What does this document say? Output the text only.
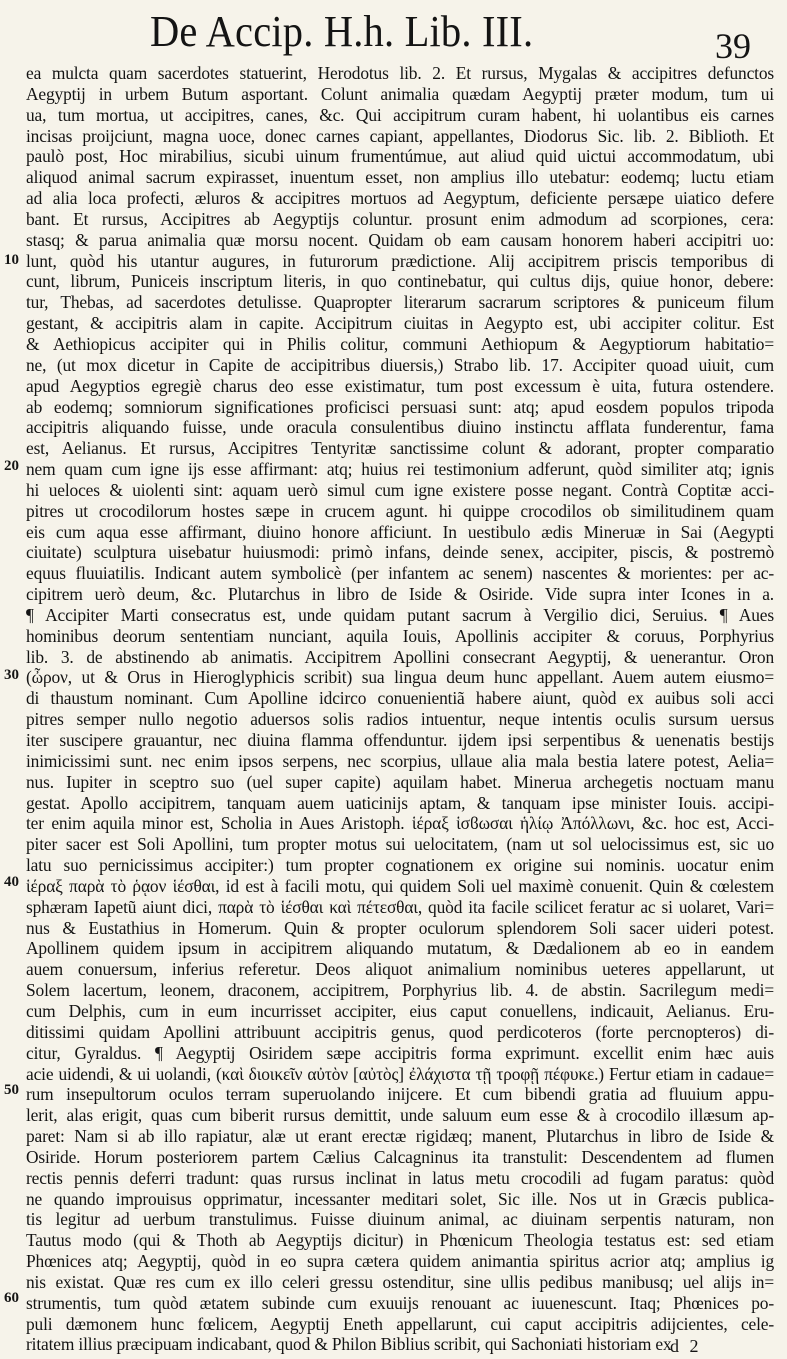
De Accip. H.h. Lib. III.	39
10
20
30
40
50
60
ea mulcta quam sacerdotes statuerint, Herodotus lib. 2. Et rursus, Mygalas & accipitres defunctos
Aegyptij in urbem Butum asportant. Colunt animalia quædam Aegyptij præter modum, tum ui
ua, tum mortua, ut accipitres, canes, &c. Qui accipitrum curam habent, hi uolantibus eis carnes
incisas proijciunt, magna uoce, donec carnes capiant, appellantes, Diodorus Sic. lib. 2. Biblioth. Et
paulò post, Hoc mirabilius, sicubi uinum frumentúmue, aut aliud quid uictui accommodatum, ubi
aliquod animal sacrum expirasset, inuentum esset, non amplius illo utebatur: eodemq; luctu etiam
ad alia loca profecti, æluros & accipitres mortuos ad Aegyptum, deficiente persæpe uiatico defere
bant. Et rursus, Accipitres ab Aegyptijs coluntur. prosunt enim admodum ad scorpiones, cera:
stasq; & parua animalia quæ morsu nocent. Quidam ob eam causam honorem haberi accipitri uo:
lunt, quòd his utantur augures, in futurorum prædictione. Alij accipitrem priscis temporibus di
cunt, librum, Puniceis inscriptum literis, in quo continebatur, qui cultus dijs, quiue honor, debere:
tur, Thebas, ad sacerdotes detulisse. Quapropter literarum sacrarum scriptores & puniceum filum
gestant, & accipitris alam in capite. Accipitrum ciuitas in Aegypto est, ubi accipiter colitur. Est
& Aethiopicus accipiter qui in Philis colitur, communi Aethiopum & Aegyptiorum habitatio=
ne, (ut mox dicetur in Capite de accipitribus diuersis,) Strabo lib. 17. Accipiter quoad uiuit, cum
apud Aegyptios egregiè charus deo esse existimatur, tum post excessum è uita, futura ostendere.
ab eodemq; somniorum significationes proficisci persuasi sunt: atq; apud eosdem populos tripoda
accipitris aliquando fuisse, unde oracula consulentibus diuino instinctu afflata funderentur, fama
est, Aelianus. Et rursus, Accipitres Tentyritæ sanctissime colunt & adorant, propter comparatio
nem quam cum igne ijs esse affirmant: atq; huius rei testimonium adferunt, quòd similiter atq; ignis
hi ueloces & uiolenti sint: aquam uerò simul cum igne existere posse negant. Contrà Coptitæ acci-
pitres ut crocodilorum hostes sæpe in crucem agunt. hi quippe crocodilos ob similitudinem quam
eis cum aqua esse affirmant, diuino honore afficiunt. In uestibulo ædis Mineruæ in Sai (Aegypti
ciuitate) sculptura uisebatur huiusmodi: primò infans, deinde senex, accipiter, piscis, & postremò
equus fluuiatilis. Indicant autem symbolicè (per infantem ac senem) nascentes & morientes: per ac-
cipitrem uerò deum, &c. Plutarchus in libro de Iside & Osiride. Vide supra inter Icones in a.
¶ Accipiter Marti consecratus est, unde quidam putant sacrum à Vergilio dici, Seruius. ¶ Aues
hominibus deorum sententiam nunciant, aquila Iouis, Apollinis accipiter & coruus, Porphyrius
lib. 3. de abstinendo ab animatis. Accipitrem Apollini consecrant Aegyptij, & uenerantur. Oron
(ὦρον, ut & Orus in Hieroglyphicis scribit) sua lingua deum hunc appellant. Auem autem eiusmo=
di thaustum nominant. Cum Apolline idcirco conuenientiã habere aiunt, quòd ex auibus soli acci
pitres semper nullo negotio aduersos solis radios intuentur, neque intentis oculis sursum uersus
iter suscipere grauantur, nec diuina flamma offenduntur. ijdem ipsi serpentibus & uenenatis bestijs
inimicissimi sunt. nec enim ipsos serpens, nec scorpius, ullaue alia mala bestia latere potest, Aelia=
nus. Iupiter in sceptro suo (uel super capite) aquilam habet. Minerua archegetis noctuam manu
gestat. Apollo accipitrem, tanquam auem uaticinijs aptam, & tanquam ipse minister Iouis. accipi-
ter enim aquila minor est, Scholia in Aues Aristoph. ἱέραξ ἱσϐωσαι ἡλίῳ Ἀπόλλωνι, &c. hoc est, Acci-
piter sacer est Soli Apollini, tum propter motus sui uelocitatem, (nam ut sol uelocissimus est, sic uo
latu suo pernicissimus accipiter:) tum propter cognationem ex origine sui nominis. uocatur enim
ἱέραξ παρὰ τὸ ῥᾳον ἱέσθαι, id est à facili motu, qui quidem Soli uel maximè conuenit. Quin & cœlestem
sphæram Iapetũ aiunt dici, παρὰ τὸ ἱέσθαι καὶ πέτεσθαι, quòd ita facile scilicet feratur ac si uolaret, Vari=
nus & Eustathius in Homerum. Quin & propter oculorum splendorem Soli sacer uideri potest.
Apollinem quidem ipsum in accipitrem aliquando mutatum, & Dædalionem ab eo in eandem
auem conuersum, inferius referetur. Deos aliquot animalium nominibus ueteres appellarunt, ut
Solem lacertum, leonem, draconem, accipitrem, Porphyrius lib. 4. de abstin. Sacrilegum medi=
cum Delphis, cum in eum incurrisset accipiter, eius caput conuellens, indicauit, Aelianus. Eru-
ditissimi quidam Apollini attribuunt accipitris genus, quod perdicoteros (forte percnopteros) di-
citur, Gyraldus. ¶ Aegyptij Osiridem sæpe accipitris forma exprimunt. excellit enim hæc auis
acie uidendi, & ui uolandi, (καὶ διοικεῖν αὐτὸν [αὐτὸς] ἐλάχιστα τῇ τροφῇ πέφυκε.) Fertur etiam in cadaue=
rum insepultorum oculos terram superuolando inijcere. Et cum bibendi gratia ad fluuium appu-
lerit, alas erigit, quas cum biberit rursus demittit, unde saluum eum esse & à crocodilo illæsum ap-
paret: Nam si ab illo rapiatur, alæ ut erant erectæ rigidæq; manent, Plutarchus in libro de Iside &
Osiride. Horum posteriorem partem Cælius Calcagninus ita transtulit: Descendentem ad flumen
rectis pennis deferri tradunt: quas rursus inclinat in latus metu crocodili ad fugam paratus: quòd
ne quando improuisus opprimatur, incessanter meditari solet, Sic ille. Nos ut in Græcis publica-
tis legitur ad uerbum transtulimus. Fuisse diuinum animal, ac diuinam serpentis naturam, non
Tautus modo (qui & Thoth ab Aegyptijs dicitur) in Phœnicum Theologia testatus est: sed etiam
Phœnices atq; Aegyptij, quòd in eo supra cætera quidem animantia spiritus acrior atq; amplius ig
nis existat. Quæ res cum ex illo celeri gressu ostenditur, sine ullis pedibus manibusq; uel alijs in=
strumentis, tum quòd ætatem subinde cum exuuijs renouant ac iuuenescunt. Itaq; Phœnices po-
puli dæmonem hunc fœlicem, Aegyptij Eneth appellarunt, cui caput accipitris adijcientes, cele-
ritatem illius præcipuam indicabant, quod & Philon Biblius scribit, qui Sachoniati historiam ex
d 2
